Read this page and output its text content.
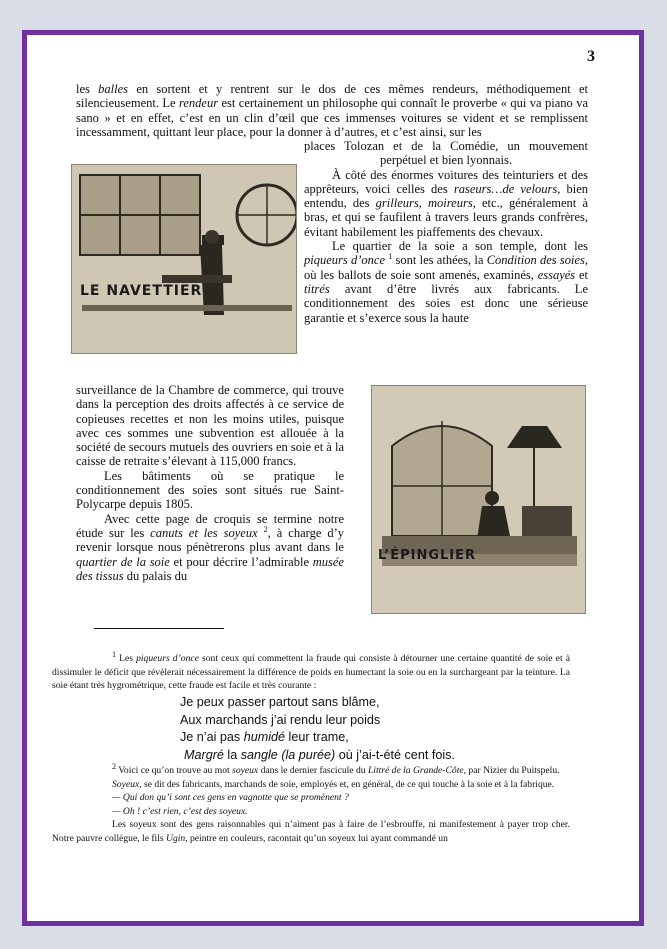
3

les balles en sortent et y rentrent sur le dos de ces mêmes rendeurs, méthodiquement et silencieusement. Le rendeur est certainement un philosophe qui connaît le proverbe « qui va piano va sano » et en effet, c’est en un clin d’œil que ces immenses voitures se vident et se remplissent incessamment, quittant leur place, pour la donner à d’autres, et c’est ainsi, sur les

LE NAVETTIER

places Tolozan et de la Comédie, un mouvement perpétuel et bien lyonnais.

À côté des énormes voitures des teinturiers et des apprêteurs, voici celles des raseurs…de velours, bien entendu, des grilleurs, moireurs, etc., généralement à bras, et qui se faufilent à travers leurs grands confrères, évitant habilement les piaffements des chevaux.

Le quartier de la soie a son temple, dont les piqueurs d’once $^1$ sont les athées, la Condition des soies, où les ballots de soie sont amenés, examinés, essayés et titrés avant d’être livrés aux fabricants. Le conditionnement des soies est donc une sérieuse garantie et s’exerce sous la haute

surveillance de la Chambre de commerce, qui trouve dans la perception des droits affectés à ce service de copieuses recettes et non les moins utiles, puisque avec ces sommes une subvention est allouée à la société de secours mutuels des ouvriers en soie et à la caisse de retraite s’élevant à 115,000 francs.

Les bâtiments où se pratique le conditionnement des soies sont situés rue Saint-Polycarpe depuis 1805.

Avec cette page de croquis se termine notre étude sur les canuts et les soyeux $^2$, à charge d’y revenir lorsque nous pénètrerons plus avant dans le quartier de la soie et pour décrire l’admirable musée des tissus du palais du

L’ÉPINGLIER

$^1$ Les piqueurs d’once sont ceux qui commettent la fraude qui consiste à détourner une certaine quantité de soie et à dissimuler le déficit que révèlerait nécessairement la différence de poids en humectant la soie ou en la surchargeant par la teinture. La soie étant très hygrométrique, cette fraude est facile et très courante :

Je peux passer partout sans blâme,
Aux marchands j’ai rendu leur poids
Je n’ai pas humidé leur trame,
Margré la sangle (la purée) où j’ai-t-été cent fois.

$^2$ Voici ce qu’on trouve au mot soyeux dans le dernier fascicule du Littré de la Grande-Côte, par Nizier du Puitspelu.

Soyeux, se dit des fabricants, marchands de soie, employés et, en général, de ce qui touche à la soie et à la fabrique.

— Qui don qu’i sont ces gens en vagnotte que se promènent ?

— Oh ! c’est rien, c’est des soyeux.

Les soyeux sont des gens raisonnables qui n’aiment pas à faire de l’esbrouffe, ni manifestement à payer trop cher. Notre pauvre collègue, le fils Ugin, peintre en couleurs, racontait qu’un soyeux lui ayant commandé un
